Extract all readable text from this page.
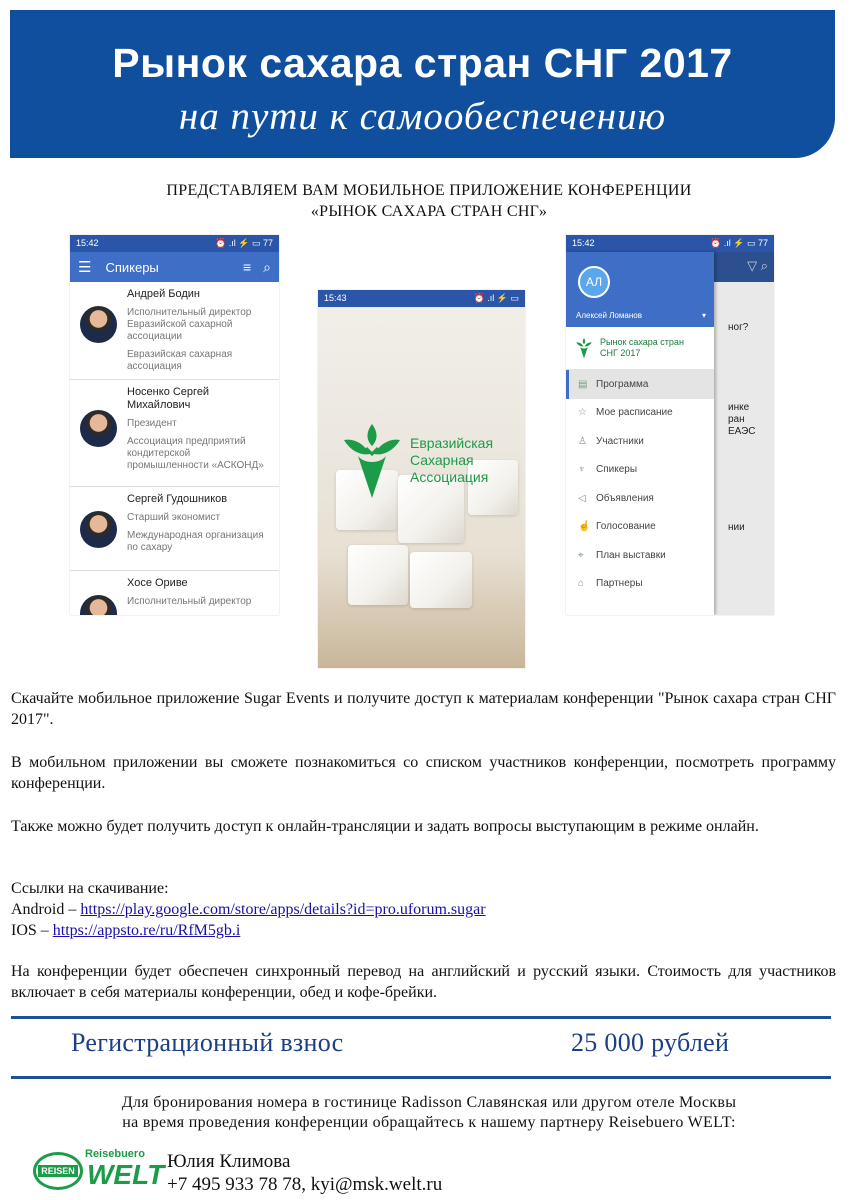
Рынок сахара стран СНГ 2017
на пути к самообеспечению
ПРЕДСТАВЛЯЕМ ВАМ МОБИЛЬНОЕ ПРИЛОЖЕНИЕ КОНФЕРЕНЦИИ
«РЫНОК САХАРА СТРАН СНГ»
15:42	⏰ .ıl ⚡ ▭ 77
☰ Спикеры	≡ ⌕
Андрей Бодин
Исполнительный директор Евразийской сахарной ассоциации
Евразийская сахарная ассоциация
Носенко Сергей Михайлович
Президент
Ассоциация предприятий кондитерской промышленности «АСКОНД»
Сергей Гудошников
Старший экономист
Международная организация по сахару
Хосе Ориве
Исполнительный директор
15:43	⏰ .ıl ⚡ ▭
Евразийская
Сахарная
Ассоциация
15:42	⏰ .ıl ⚡ ▭ 77
▽ ⌕
ног?
инке
ран ЕАЭС
нии
АЛ
Алексей Ломанов	▾
Рынок сахара стран
СНГ 2017
▤ Программа
☆ Мое расписание
♙ Участники
♆	Спикеры
◁	Объявления
☝ Голосование
⌖	План выставки
⌂	Партнеры
Скачайте мобильное приложение Sugar Events и получите доступ к материалам конференции "Рынок сахара стран СНГ 2017".
В мобильном приложении вы сможете познакомиться со списком участников конференции, посмотреть программу конференции.
Также можно будет получить доступ к онлайн-трансляции и задать вопросы выступающим в режиме онлайн.
Ссылки на скачивание:
Android – https://play.google.com/store/apps/details?id=pro.uforum.sugar
IOS – https://appsto.re/ru/RfM5gb.i
На конференции будет обеспечен синхронный перевод на английский и русский языки. Стоимость для участников включает в себя материалы конференции, обед и кофе-брейки.
Регистрационный взнос	25 000 рублей
Для бронирования номера в гостинице Radisson Славянская или другом отеле Москвы
на время проведения конференции обращайтесь к нашему партнеру Reisebuero WELT:
Reisebuero
REISEN WELT Юлия Климова
+7 495 933 78 78, kyi@msk.welt.ru
